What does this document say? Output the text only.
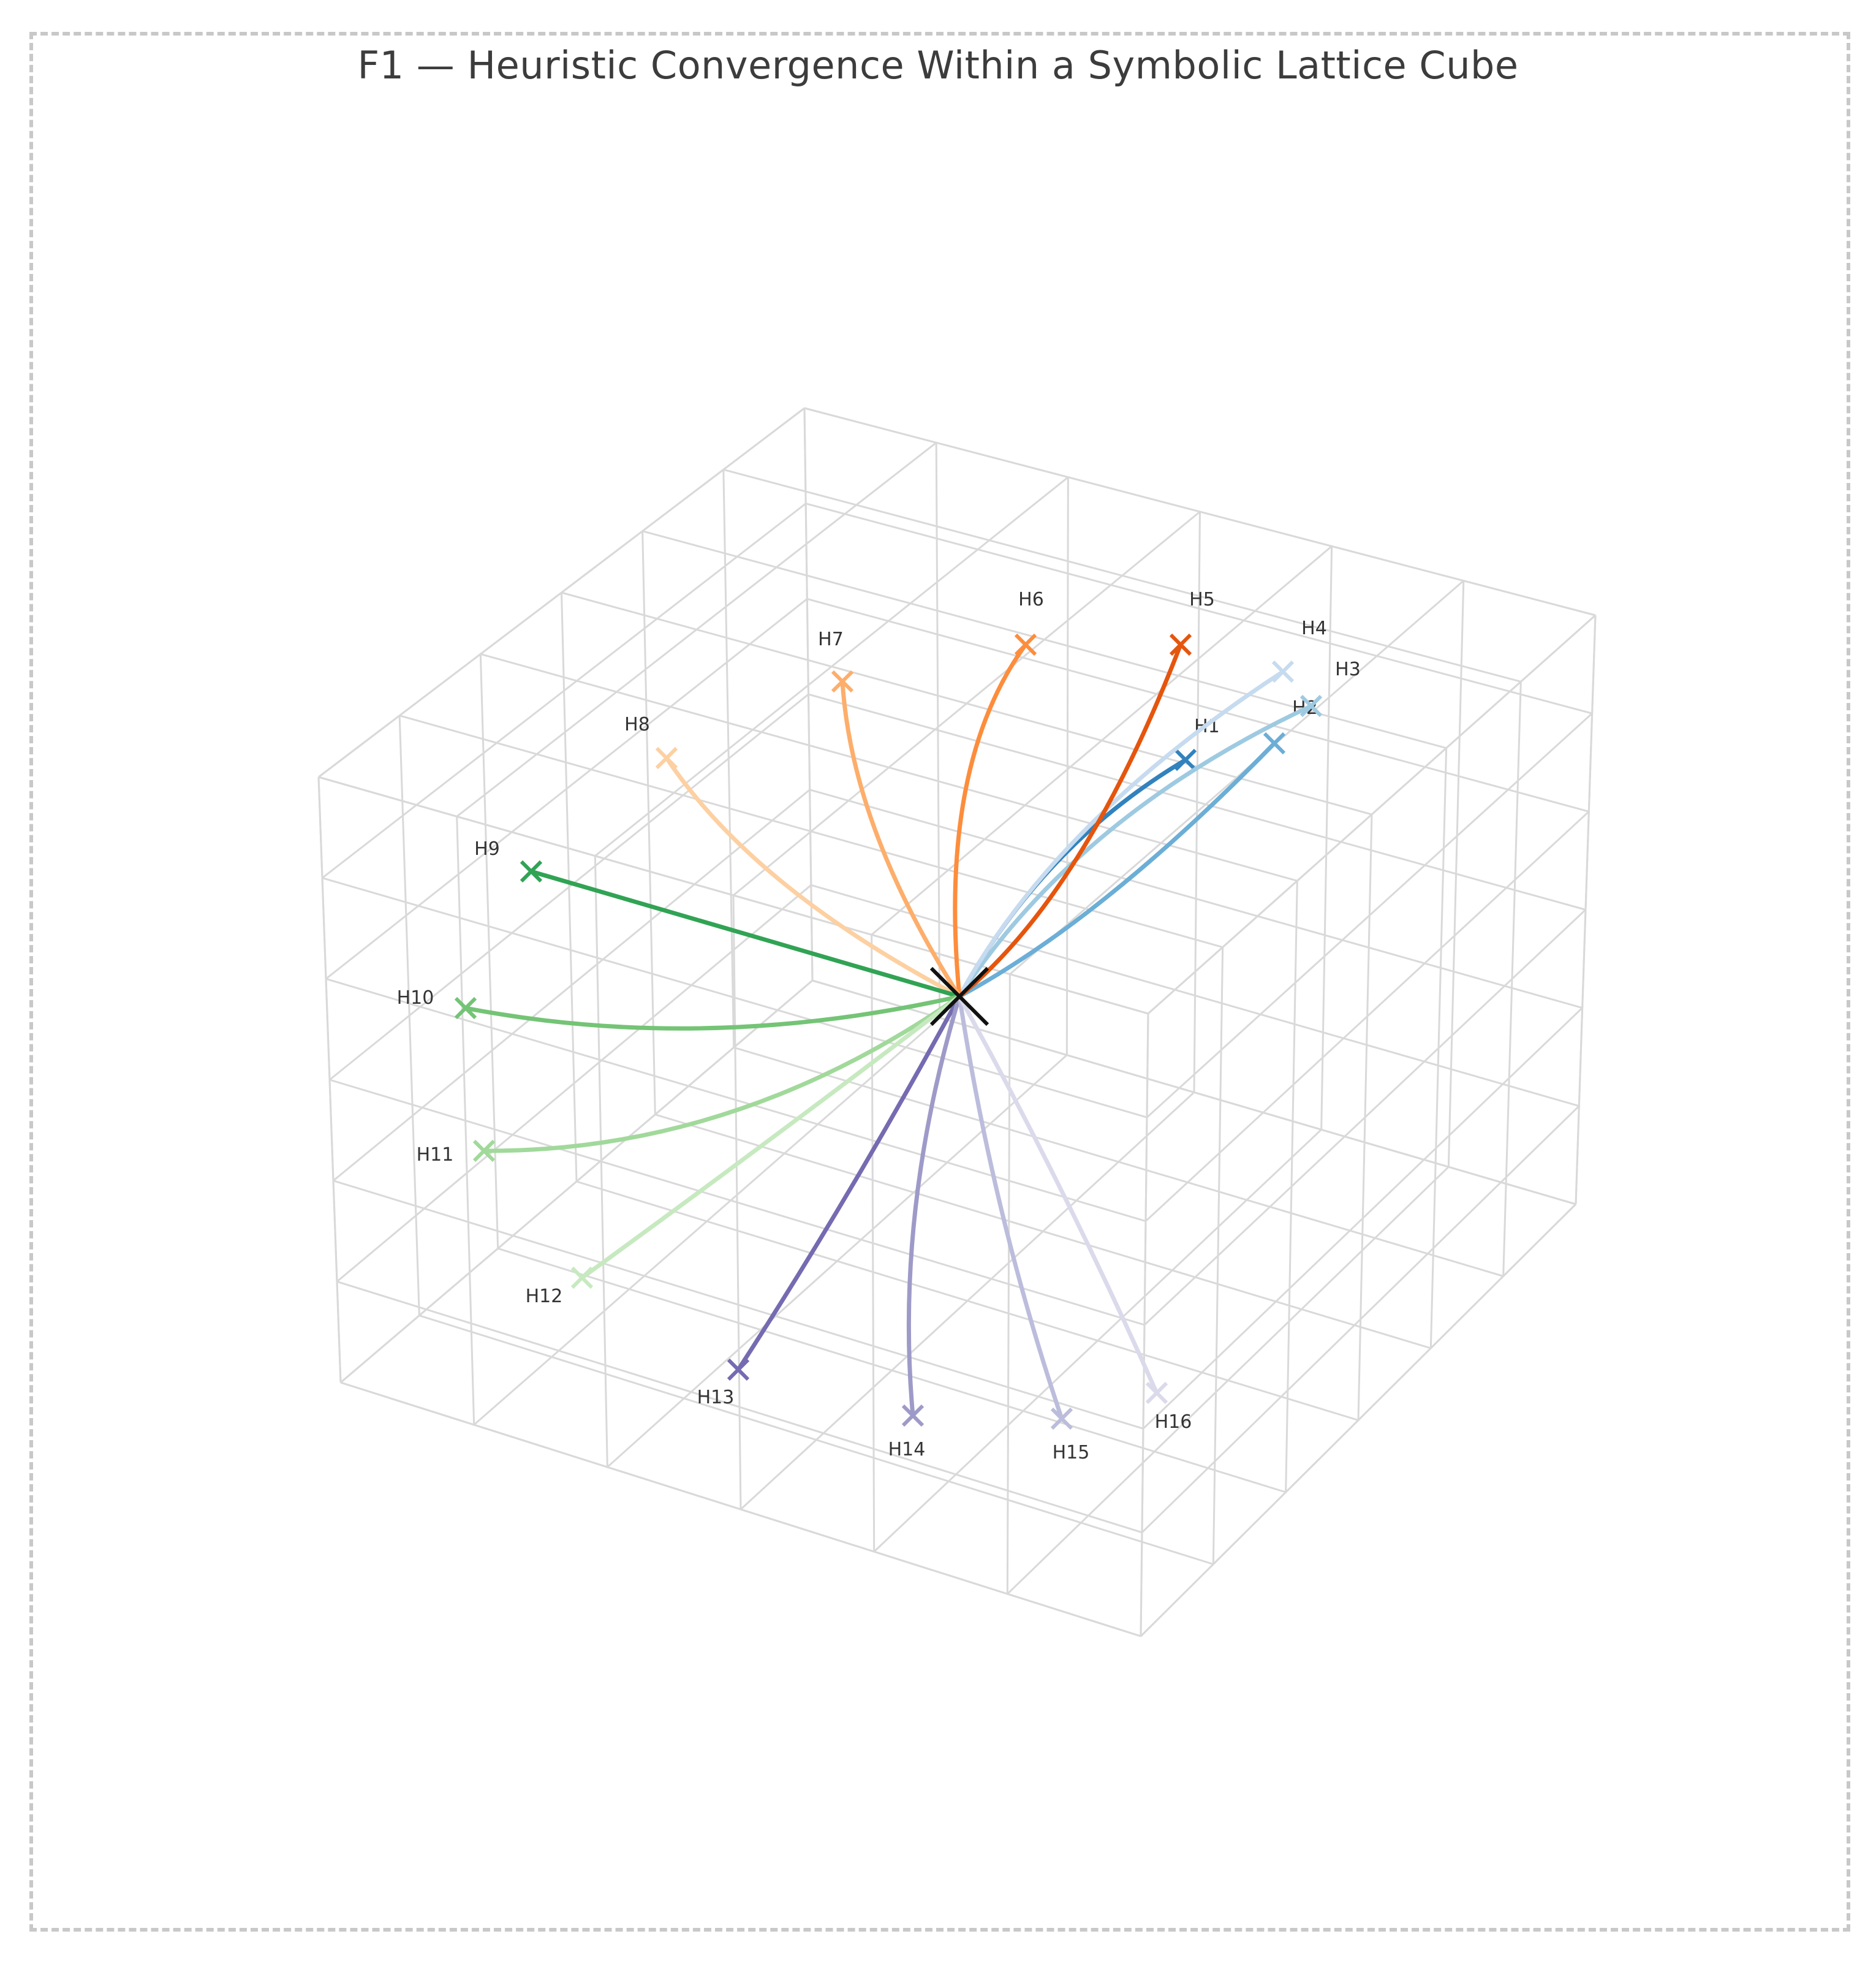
F1 — Heuristic Convergence Within a Symbolic Lattice Cube
H1
H2
H3
H4
H5
H6
H7
H8
H9
H10
H11
H12
H13
H14	H15
H16
